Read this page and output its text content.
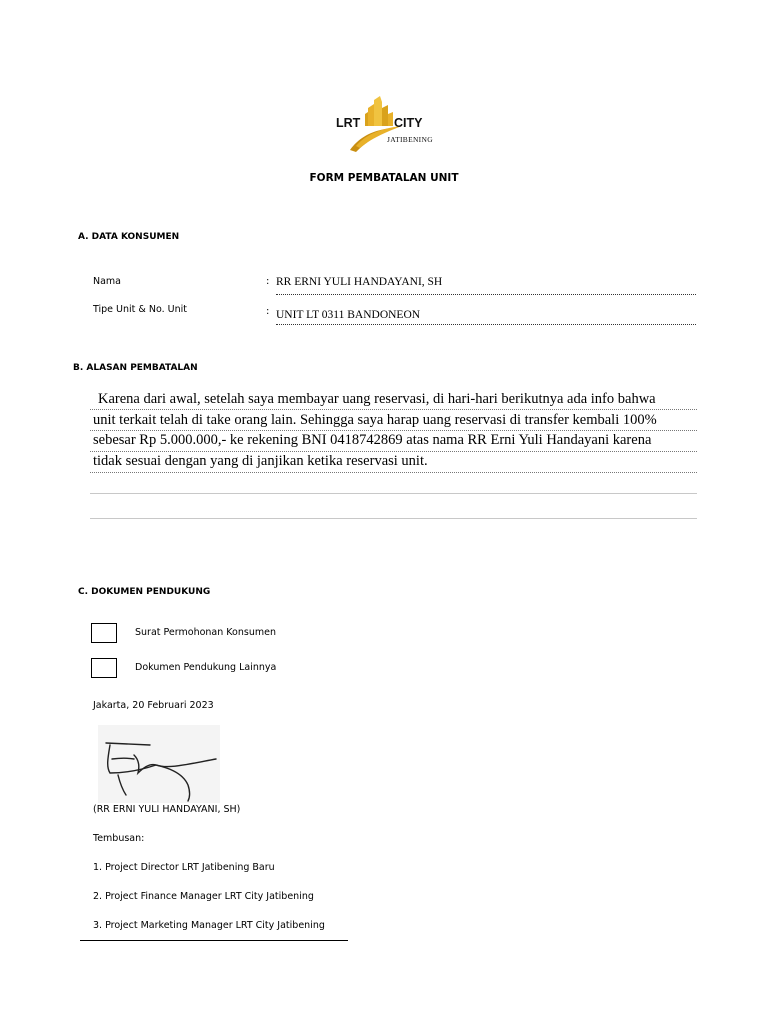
LRT	CITY
JATIBENING
FORM PEMBATALAN UNIT
A. DATA KONSUMEN
Nama	: RR ERNI YULI HANDAYANI, SH
Tipe Unit & No. Unit	: UNIT LT 0311 BANDONEON
B. ALASAN PEMBATALAN
Karena dari awal, setelah saya membayar uang reservasi, di hari-hari berikutnya ada info bahwa
unit terkait telah di take orang lain. Sehingga saya harap uang reservasi di transfer kembali 100%
sebesar Rp 5.000.000,- ke rekening BNI 0418742869 atas nama RR Erni Yuli Handayani karena
tidak sesuai dengan yang di janjikan ketika reservasi unit.
C. DOKUMEN PENDUKUNG
Surat Permohonan Konsumen
Dokumen Pendukung Lainnya
Jakarta, 20 Februari 2023
(RR ERNI YULI HANDAYANI, SH)
Tembusan:
1. Project Director LRT Jatibening Baru
2. Project Finance Manager LRT City Jatibening
3. Project Marketing Manager LRT City Jatibening
